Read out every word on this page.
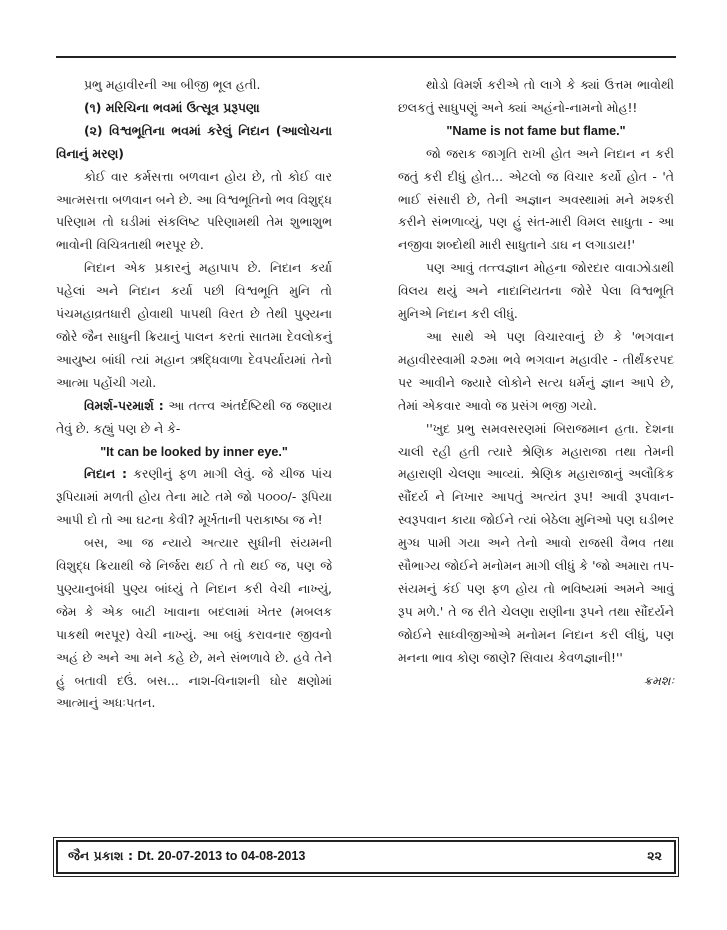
પ્રભુ મહાવીરની આ બીજી ભૂલ હતી.

(૧) મરિચિના ભવમાં ઉત્સૂત્ર પ્રરૂપણા

(૨) વિશ્વભૂતિના ભવમાં કરેલું નિદાન (આલોચના વિનાનું મરણ)

કોઈ વાર કર્મસત્તા બળવાન હોય છે, તો કોઈ વાર આત્મસત્તા બળવાન બને છે. આ વિશ્વભૂતિનો ભવ વિશુદ્ધ પરિણામ તો ઘડીમાં સંકલિષ્ટ પરિણામથી તેમ શુભાશુભ ભાવોની વિચિત્રતાથી ભરપૂર છે.

નિદાન એક પ્રકારનું મહાપાપ છે. નિદાન કર્યા પહેલાં અને નિદાન કર્યા પછી વિશ્વભૂતિ મુનિ તો પંચમહાવ્રતધારી હોવાથી પાપથી વિરત છે તેથી પુણ્યના જોરે જૈન સાધુની ક્રિયાનું પાલન કરતાં સાતમા દેવલોકનું આયુષ્ય બાંધી ત્યાં મહાન ઋદ્ધિવાળા દેવપર્યાયમાં તેનો આત્મા પહોંચી ગયો.

વિમર્શ-પરમાર્શ : આ તત્ત્વ અંતર્દષ્ટિથી જ જણાય તેવું છે. કહ્યું પણ છે ને કે-

"It can be looked by inner eye."

નિદાન : કરણીનું ફળ માગી લેવું. જે ચીજ પાંચ રૂપિયામાં મળતી હોય તેના માટે તમે જો ૫૦૦૦/- રૂપિયા આપી દો તો આ ઘટના કેવી? મૂર્ખતાની પરાકાષ્ઠા જ ને!

બસ, આ જ ન્યાયે અત્યાર સુધીની સંયમની વિશુદ્ધ ક્રિયાથી જે નિર્જરા થઈ તે તો થઈ જ, પણ જે પુણ્યાનુબંધી પુણ્ય બાંધ્યું તે નિદાન કરી વેચી નાખ્યું, જેમ કે એક બાટી ખાવાના બદલામાં ખેતર (મબલક પાકથી ભરપૂર) વેચી નાખ્યું. આ બધું કરાવનાર જીવનો અહં છે અને આ મને કહે છે, મને સંભળાવે છે. હવે તેને હું બતાવી દઉં. બસ... નાશ-વિનાશની ઘોર ક્ષણોમાં આત્માનું અધઃપતન.

થોડો વિમર્શ કરીએ તો લાગે કે ક્યાં ઉત્તમ ભાવોથી છલકતું સાધુપણું અને ક્યાં અહંનો-નામનો મોહ!!

"Name is not fame but flame."

જો જરાક જાગૃતિ રાખી હોત અને નિદાન ન કરી જતું કરી દીધું હોત... એટલો જ વિચાર કર્યો હોત - 'તે ભાઈ સંસારી છે, તેની અજ્ઞાન અવસ્થામાં મને મશ્કરી કરીને સંભળાવ્યું, પણ હું સંત-મારી વિમલ સાધુતા - આ નજીવા શબ્દોથી મારી સાધુતાને ડાઘ ન લગાડાય!'

પણ આવું તત્ત્વજ્ઞાન મોહના જોરદાર વાવાઝોડાથી વિલય થયું અને નાદાનિયતના જોરે પેલા વિશ્વભૂતિ મુનિએ નિદાન કરી લીધું.

આ સાથે એ પણ વિચારવાનું છે કે 'ભગવાન મહાવીરસ્વામી ૨૭મા ભવે ભગવાન મહાવીર - તીર્થંકરપદ પર આવીને જ્યારે લોકોને સત્ય ધર્મનું જ્ઞાન આપે છે, તેમાં એકવાર આવો જ પ્રસંગ ભજી ગયો.

''ખુદ પ્રભુ સમવસરણમાં બિરાજમાન હતા. દેશના ચાલી રહી હતી ત્યારે શ્રેણિક મહારાજા તથા તેમની મહારાણી ચેલણા આવ્યાં. શ્રેણિક મહારાજાનું અલૌકિક સૌંદર્ય ને નિખાર આપતું અત્યંત રૂપ! આવી રૂપવાન-સ્વરૂપવાન કાયા જોઈને ત્યાં બેઠેલા મુનિઓ પણ ઘડીભર મુગ્ધ પામી ગયા અને તેનો આવો રાજસી વૈભવ તથા સૌભાગ્ય જોઈને મનોમન માગી લીધું કે 'જો અમારા તપ-સંયમનું કંઈ પણ ફળ હોય તો ભવિષ્યમાં અમને આવું રૂપ મળે.' તે જ રીતે ચેલણા રાણીના રૂપને તથા સૌંદર્યને જોઈને સાધ્વીજીઓએ મનોમન નિદાન કરી લીધું, પણ મનના ભાવ કોણ જાણે? સિવાય કેવળજ્ઞાની!''

ક્રમશઃ

જૈન પ્રકાશ : Dt. 20-07-2013 to 04-08-2013	૨૨
